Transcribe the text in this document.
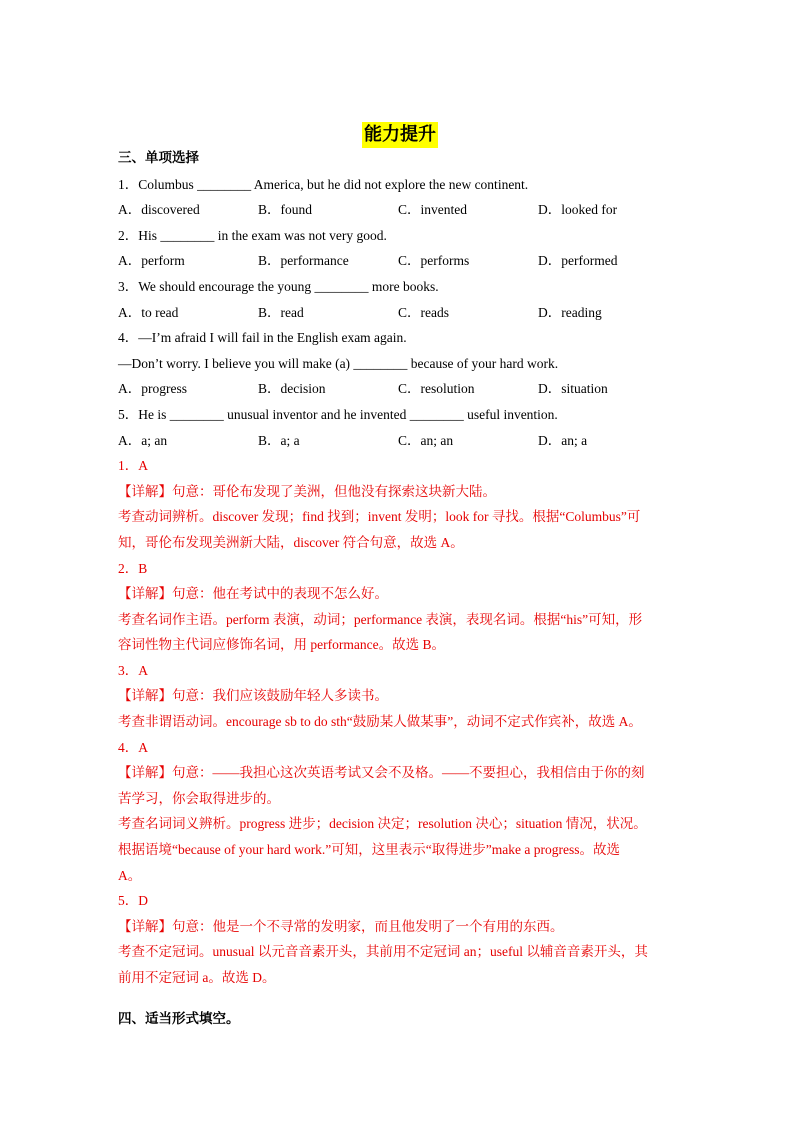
能力提升
三、单项选择
1．Columbus ________ America, but he did not explore the new continent.
A．discovered	B．found	C．invented	D．looked for
2．His ________ in the exam was not very good.
A．perform	B．performance	C．performs	D．performed
3．We should encourage the young ________ more books.
A．to read	B．read	C．reads	D．reading
4．—I’m afraid I will fail in the English exam again.
—Don’t worry. I believe you will make (a) ________ because of your hard work.
A．progress	B．decision	C．resolution	D．situation
5．He is ________ unusual inventor and he invented ________ useful invention.
A．a; an	B．a; a	C．an; an	D．an; a
1．A
【详解】句意：哥伦布发现了美洲，但他没有探索这块新大陆。
考查动词辨析。discover 发现；find 找到；invent 发明；look for 寻找。根据“Columbus”可
知，哥伦布发现美洲新大陆，discover 符合句意，故选 A。
2．B
【详解】句意：他在考试中的表现不怎么好。
考查名词作主语。perform 表演，动词；performance 表演，表现名词。根据“his”可知，形
容词性物主代词应修饰名词，用 performance。故选 B。
3．A
【详解】句意：我们应该鼓励年轻人多读书。
考查非谓语动词。encourage sb to do sth“鼓励某人做某事”，动词不定式作宾补，故选 A。
4．A
【详解】句意：——我担心这次英语考试又会不及格。——不要担心，我相信由于你的刻
苦学习，你会取得进步的。
考查名词词义辨析。progress 进步；decision 决定；resolution 决心；situation 情况，状况。
根据语境“because of your hard work.”可知，这里表示“取得进步”make a progress。故选
A。
5．D
【详解】句意：他是一个不寻常的发明家，而且他发明了一个有用的东西。
考查不定冠词。unusual 以元音音素开头，其前用不定冠词 an；useful 以辅音音素开头，其
前用不定冠词 a。故选 D。
四、适当形式填空。
